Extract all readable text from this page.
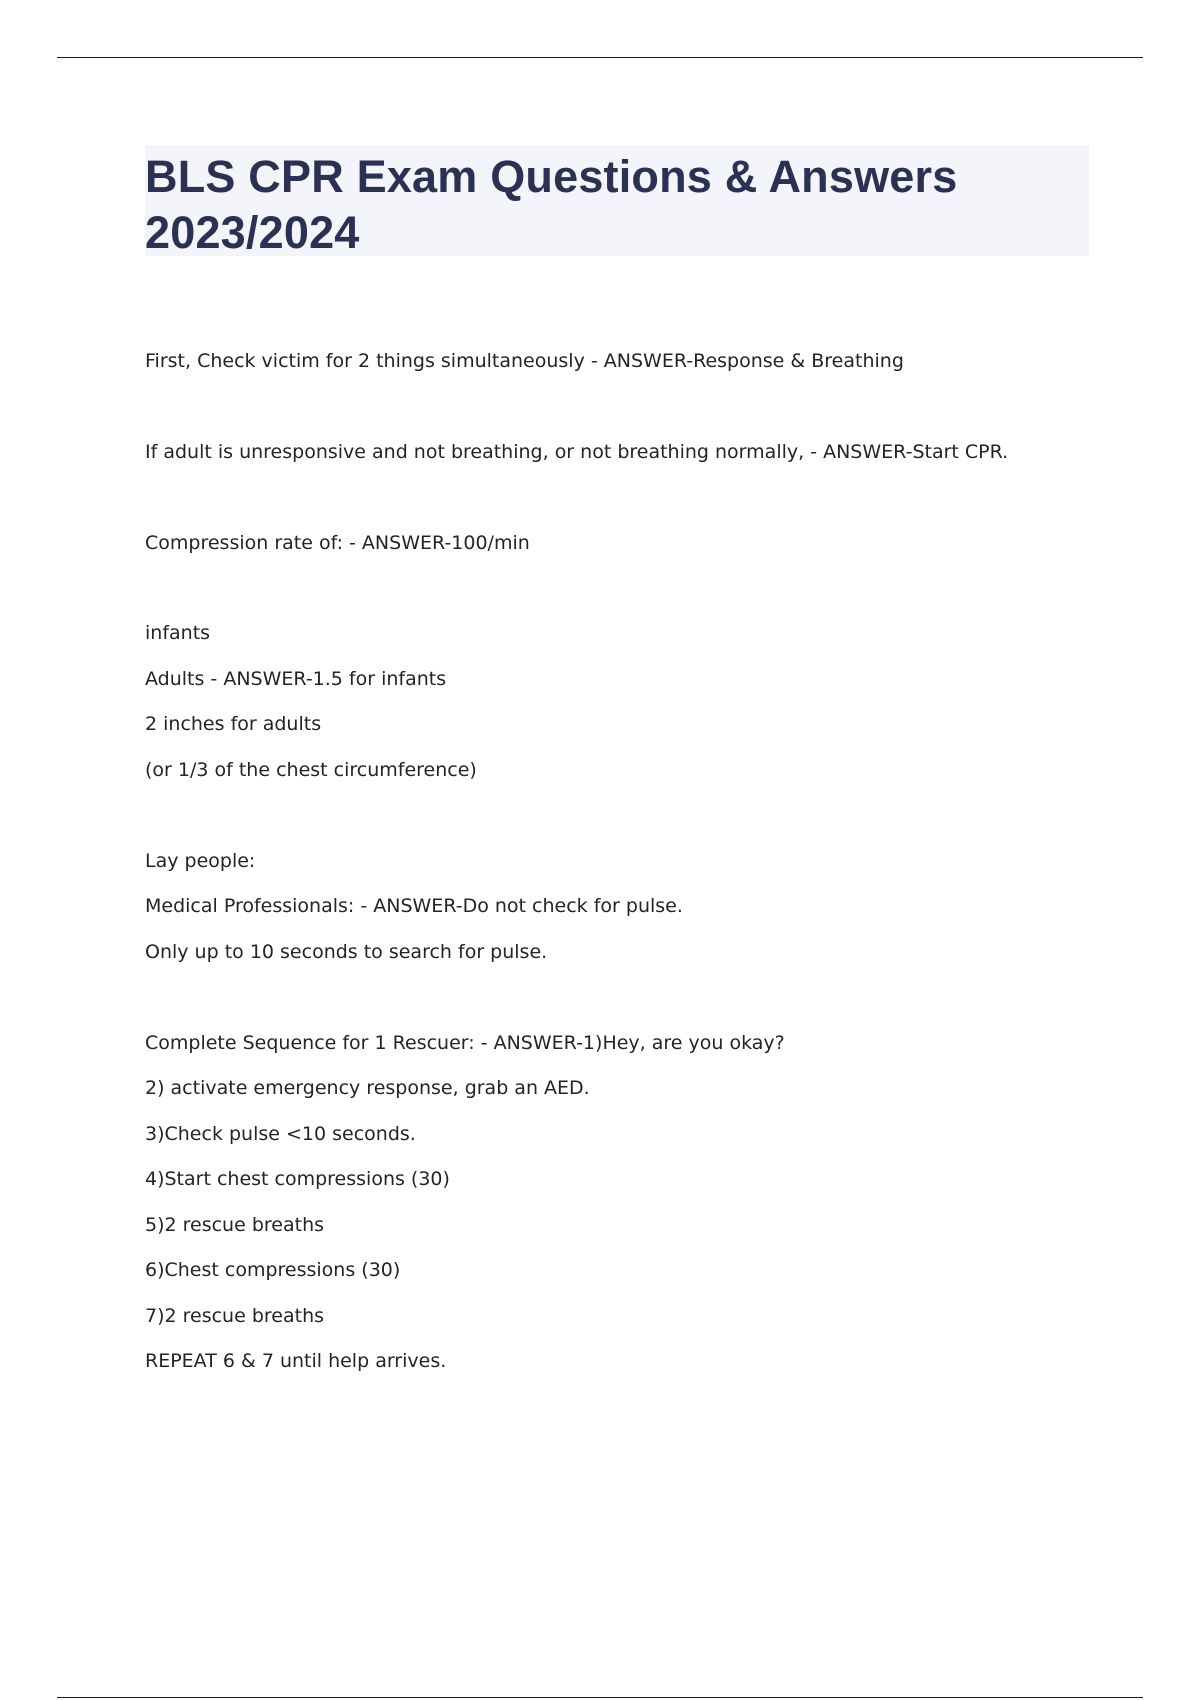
BLS CPR Exam Questions & Answers 2023/2024
First, Check victim for 2 things simultaneously - ANSWER-Response & Breathing
If adult is unresponsive and not breathing, or not breathing normally, - ANSWER-Start CPR.
Compression rate of: - ANSWER-100/min
infants
Adults - ANSWER-1.5 for infants
2 inches for adults
(or 1/3 of the chest circumference)
Lay people:
Medical Professionals: - ANSWER-Do not check for pulse.
Only up to 10 seconds to search for pulse.
Complete Sequence for 1 Rescuer: - ANSWER-1)Hey, are you okay?
2) activate emergency response, grab an AED.
3)Check pulse <10 seconds.
4)Start chest compressions (30)
5)2 rescue breaths
6)Chest compressions (30)
7)2 rescue breaths
REPEAT 6 & 7 until help arrives.
